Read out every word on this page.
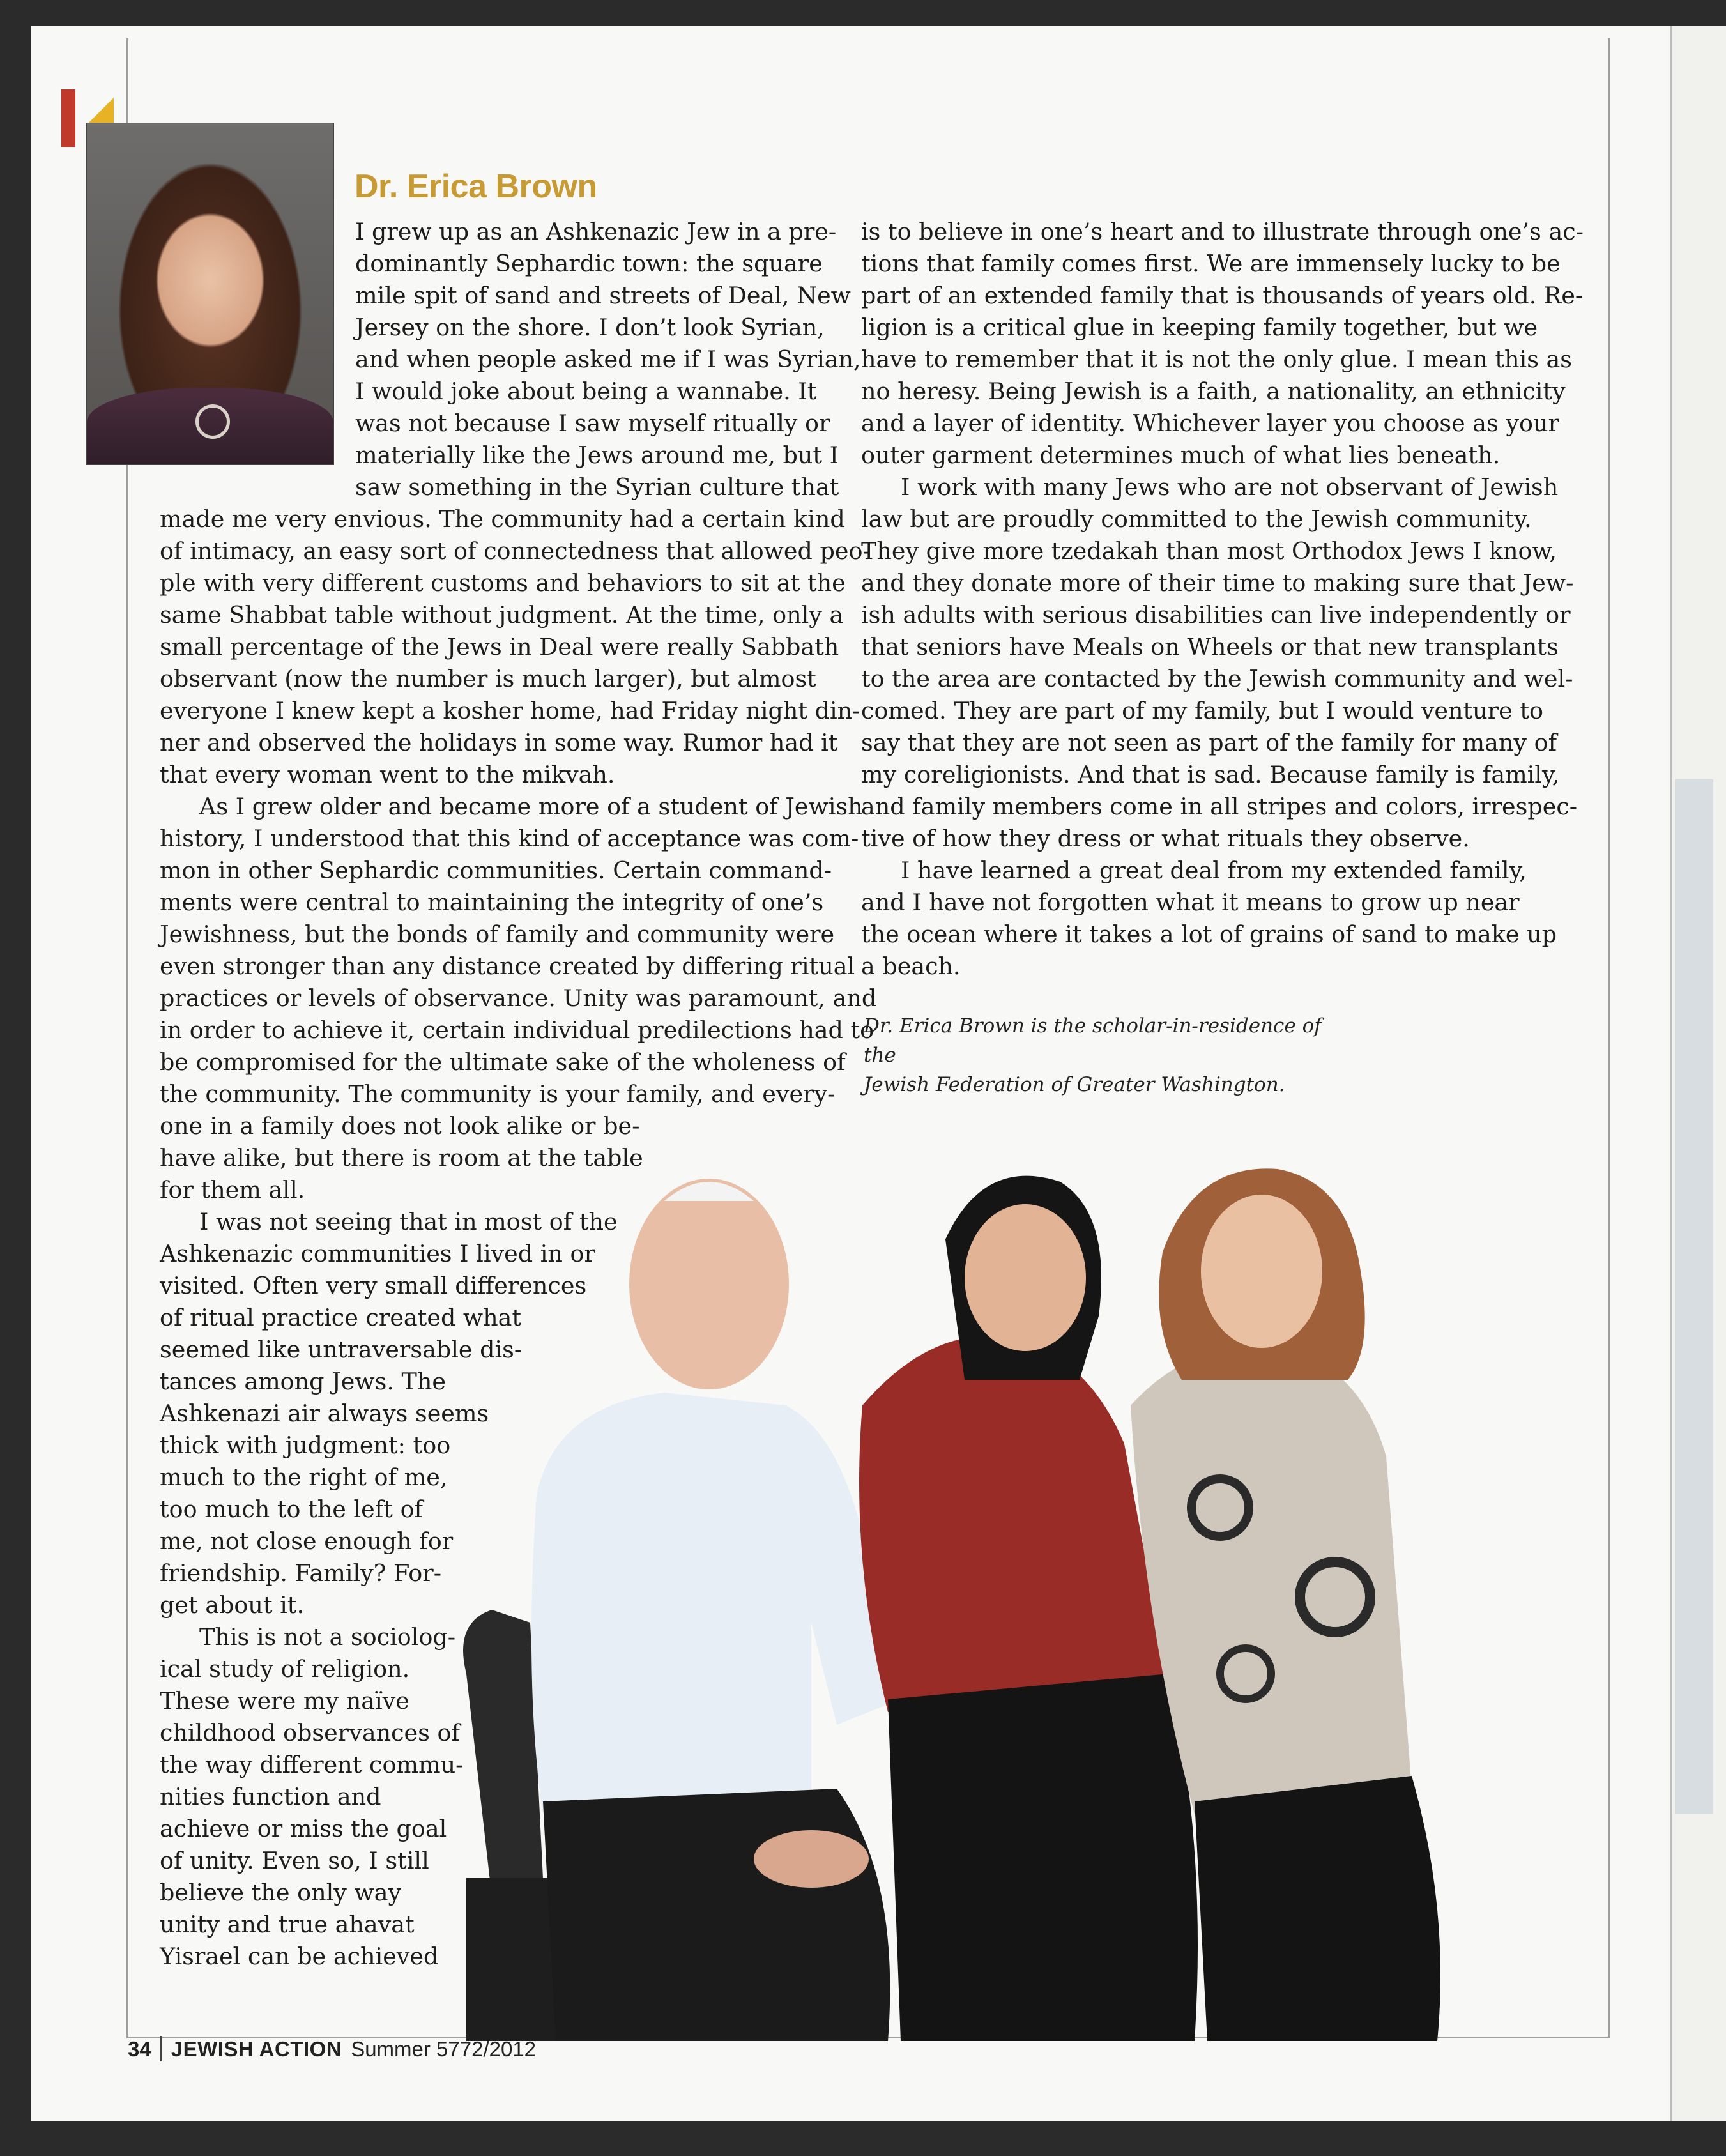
Dr. Erica Brown

I grew up as an Ashkenazic Jew in a pre-
dominantly Sephardic town: the square
mile spit of sand and streets of Deal, New
Jersey on the shore. I don’t look Syrian,
and when people asked me if I was Syrian,
I would joke about being a wannabe. It
was not because I saw myself ritually or
materially like the Jews around me, but I
saw something in the Syrian culture that
made me very envious. The community had a certain kind
of intimacy, an easy sort of connectedness that allowed peo-
ple with very different customs and behaviors to sit at the
same Shabbat table without judgment. At the time, only a
small percentage of the Jews in Deal were really Sabbath
observant (now the number is much larger), but almost
everyone I knew kept a kosher home, had Friday night din-
ner and observed the holidays in some way. Rumor had it
that every woman went to the mikvah.

As I grew older and became more of a student of Jewish
history, I understood that this kind of acceptance was com-
mon in other Sephardic communities. Certain command-
ments were central to maintaining the integrity of one’s
Jewishness, but the bonds of family and community were
even stronger than any distance created by differing ritual
practices or levels of observance. Unity was paramount, and
in order to achieve it, certain individual predilections had to
be compromised for the ultimate sake of the wholeness of
the community. The community is your family, and every-
one in a family does not look alike or be-
have alike, but there is room at the table
for them all.

I was not seeing that in most of the
Ashkenazic communities I lived in or
visited. Often very small differences
of ritual practice created what
seemed like untraversable dis-
tances among Jews. The
Ashkenazi air always seems
thick with judgment: too
much to the right of me,
too much to the left of
me, not close enough for
friendship. Family? For-
get about it.

This is not a sociolog-
ical study of religion.
These were my naïve
childhood observances of
the way different commu-
nities function and
achieve or miss the goal
of unity. Even so, I still
believe the only way
unity and true ahavat
Yisrael can be achieved

is to believe in one’s heart and to illustrate through one’s ac-
tions that family comes first. We are immensely lucky to be
part of an extended family that is thousands of years old. Re-
ligion is a critical glue in keeping family together, but we
have to remember that it is not the only glue. I mean this as
no heresy. Being Jewish is a faith, a nationality, an ethnicity
and a layer of identity. Whichever layer you choose as your
outer garment determines much of what lies beneath.

I work with many Jews who are not observant of Jewish
law but are proudly committed to the Jewish community.
They give more tzedakah than most Orthodox Jews I know,
and they donate more of their time to making sure that Jew-
ish adults with serious disabilities can live independently or
that seniors have Meals on Wheels or that new transplants
to the area are contacted by the Jewish community and wel-
comed. They are part of my family, but I would venture to
say that they are not seen as part of the family for many of
my coreligionists. And that is sad. Because family is family,
and family members come in all stripes and colors, irrespec-
tive of how they dress or what rituals they observe.

I have learned a great deal from my extended family,
and I have not forgotten what it means to grow up near
the ocean where it takes a lot of grains of sand to make up
a beach.

Dr. Erica Brown is the scholar-in-residence of the
Jewish Federation of Greater Washington.
34 JEWISH ACTION Summer 5772/2012
